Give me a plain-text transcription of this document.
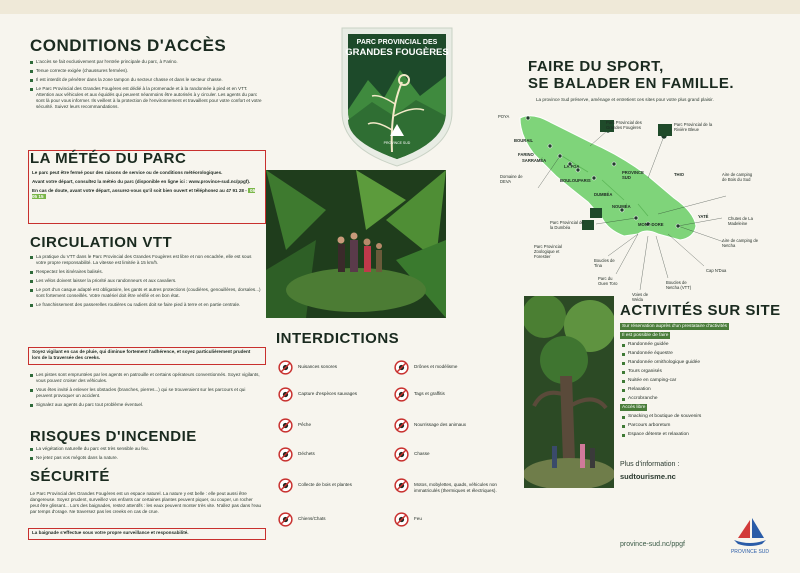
CONDITIONS D'ACCÈS

L'accès se fait exclusivement par l'entrée principale du parc, à Farino.

Tenue correcte exigée (chaussures fermées).

Il est interdit de pénétrer dans la zone tampon du secteur chasse et dans le secteur chasse.

Le Parc Provincial des Grandes Fougères est dédié à la promenade et à la randonnée à pied et en VTT. Attention aux véhicules et aux équidés qui peuvent néanmoins être autorisés à y circuler. Les agents du parc sont là pour vous informer. Ils veillent à la protection de l'environnement et travaillent pour votre confort et votre sécurité. Suivez leurs recommandations.

LA MÉTÉO DU PARC

Le parc peut être fermé pour des raisons de service ou de conditions météorologiques.

Avant votre départ, consultez la météo du parc (disponible en ligne ici : www.province-sud.nc/ppgf).

En cas de doute, avant votre départ, assurez-vous qu'il soit bien ouvert et téléphonez au 47 91 28 - 05 05 15

CIRCULATION VTT

La pratique du VTT dans le Parc Provincial des Grandes Fougères est libre et non encadrée, elle est sous votre propre responsabilité. La vitesse est limitée à 15 km/h.

Respectez les itinéraires balisés.

Les vélos doivent laisser la priorité aux randonneurs et aux cavaliers.

Le port d'un casque adapté est obligatoire, les gants et autres protections (coudières, genouillères, dorsales...) sont fortement conseillés. Votre matériel doit être vérifié et en bon état.

Le franchissement des passerelles routières ou radiers doit se faire pied à terre et en partie centrale.

Soyez vigilant en cas de pluie, qui diminue fortement l'adhérence, et soyez particulièrement prudent lors de la traversée des creeks.

Les pistes sont empruntées par les agents en patrouille et certains opérateurs conventionnés. Soyez vigilants, vous pouvez croiser des véhicules.

Vous êtes invité à enlever les obstacles (branches, pierres...) qui se trouveraient sur les parcours et qui peuvent provoquer un accident.

Signalez aux agents du parc tout problème éventuel.

RISQUES D'INCENDIE

La végétation naturelle du parc est très sensible au feu.

Ne jetez pas vos mégots dans la nature.

SÉCURITÉ
Le Parc Provincial des Grandes Fougères est un espace naturel. La nature y est belle : elle peut aussi être dangereuse. Soyez prudent, surveillez vos enfants car certaines plantes peuvent piquer, ou couper, un rocher peut être glissant... Lors des baignades, restez attentifs : les eaux peuvent monter très vite. N'allez pas dans l'eau par temps d'orage. Ne traversez pas les creeks en cas de crue.
La baignade s'effectue sous votre propre surveillance et responsabilité.
PARC PROVINCIAL DES
GRANDES FOUGÈRES
PROVINCE SUD
INTERDICTIONS
Nuisances sonores
Capture d'espèces sauvages
Pêche
Déchets
Collecte de bois et plantes
Chiens/Chats
Drônes et modélisme
Tags et graffitis
Nourrissage des animaux
Chasse
Motos, mobylettes, quads, véhicules non immatriculés (thermiques et électriques).
Feu
FAIRE DU SPORT,
SE BALADER EN FAMILLE.
La province Sud préserve, aménage et entretient ces sites pour votre plus grand plaisir.
POYA
BOURAIL
FARINO
SARRAMÉA
LA FOA
BOULOUPARIS
THIO
PROVINCE SUD
DUMBÉA
NOUMÉA
MONT-DORE
YATÉ
Parc Provincial des Grandes Fougères
Parc Provincial de la Rivière Bleue
Domaine de DEVA
Parc Provincial de la Dumbéa
Parc Provincial Zoologique et Forestier
Boucles de Tina
Parc du Ouen Toro
Voies de Wéda
Boucles de Netcha (VTT)
Cap N'Dua
Chutes de La Madeleine
Aire de camping de Bois du Sud
Aire de camping de Netcha
ACTIVITÉS SUR SITE
Sur réservation auprès d'un prestataire d'activités
Il est possible de faire
Randonnée guidée
Randonnée équestre
Randonnée ornithologique guidée
Tours organisés
Nuitée en camping-car
Relaxation
Accrobranche
Accès libre
Snacking et boutique de souvenirs
Parcours arboretum
Espace détente et relaxation
Plus d'information :
sudtourisme.nc
province-sud.nc/ppgf
PROVINCE SUD
